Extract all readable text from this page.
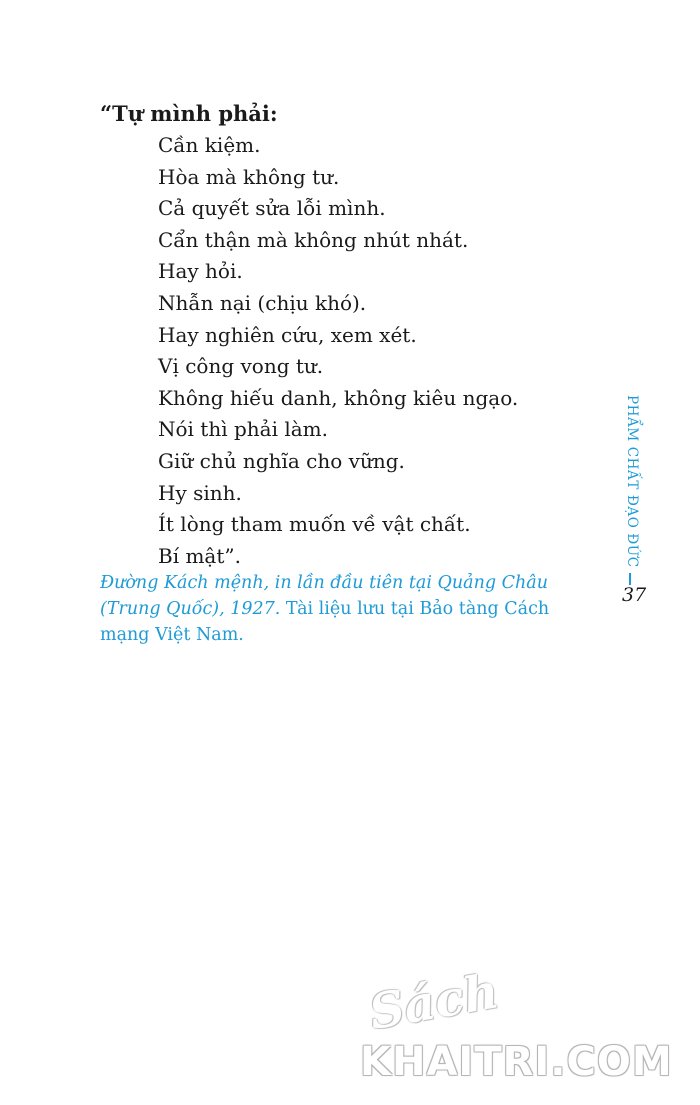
“Tự mình phải:
Cần kiệm.
Hòa mà không tư.
Cả quyết sửa lỗi mình.
Cẩn thận mà không nhút nhát.
Hay hỏi.
Nhẫn nại (chịu khó).
Hay nghiên cứu, xem xét.
Vị công vong tư.
Không hiếu danh, không kiêu ngạo.
Nói thì phải làm.
Giữ chủ nghĩa cho vững.
Hy sinh.
Ít lòng tham muốn về vật chất.
Bí mật”.
Đường Kách mệnh, in lần đầu tiên tại Quảng Châu (Trung Quốc), 1927. Tài liệu lưu tại Bảo tàng Cách mạng Việt Nam.
PHẨM CHẤT ĐẠO ĐỨC
37
Sách
KHAITRI.COM
